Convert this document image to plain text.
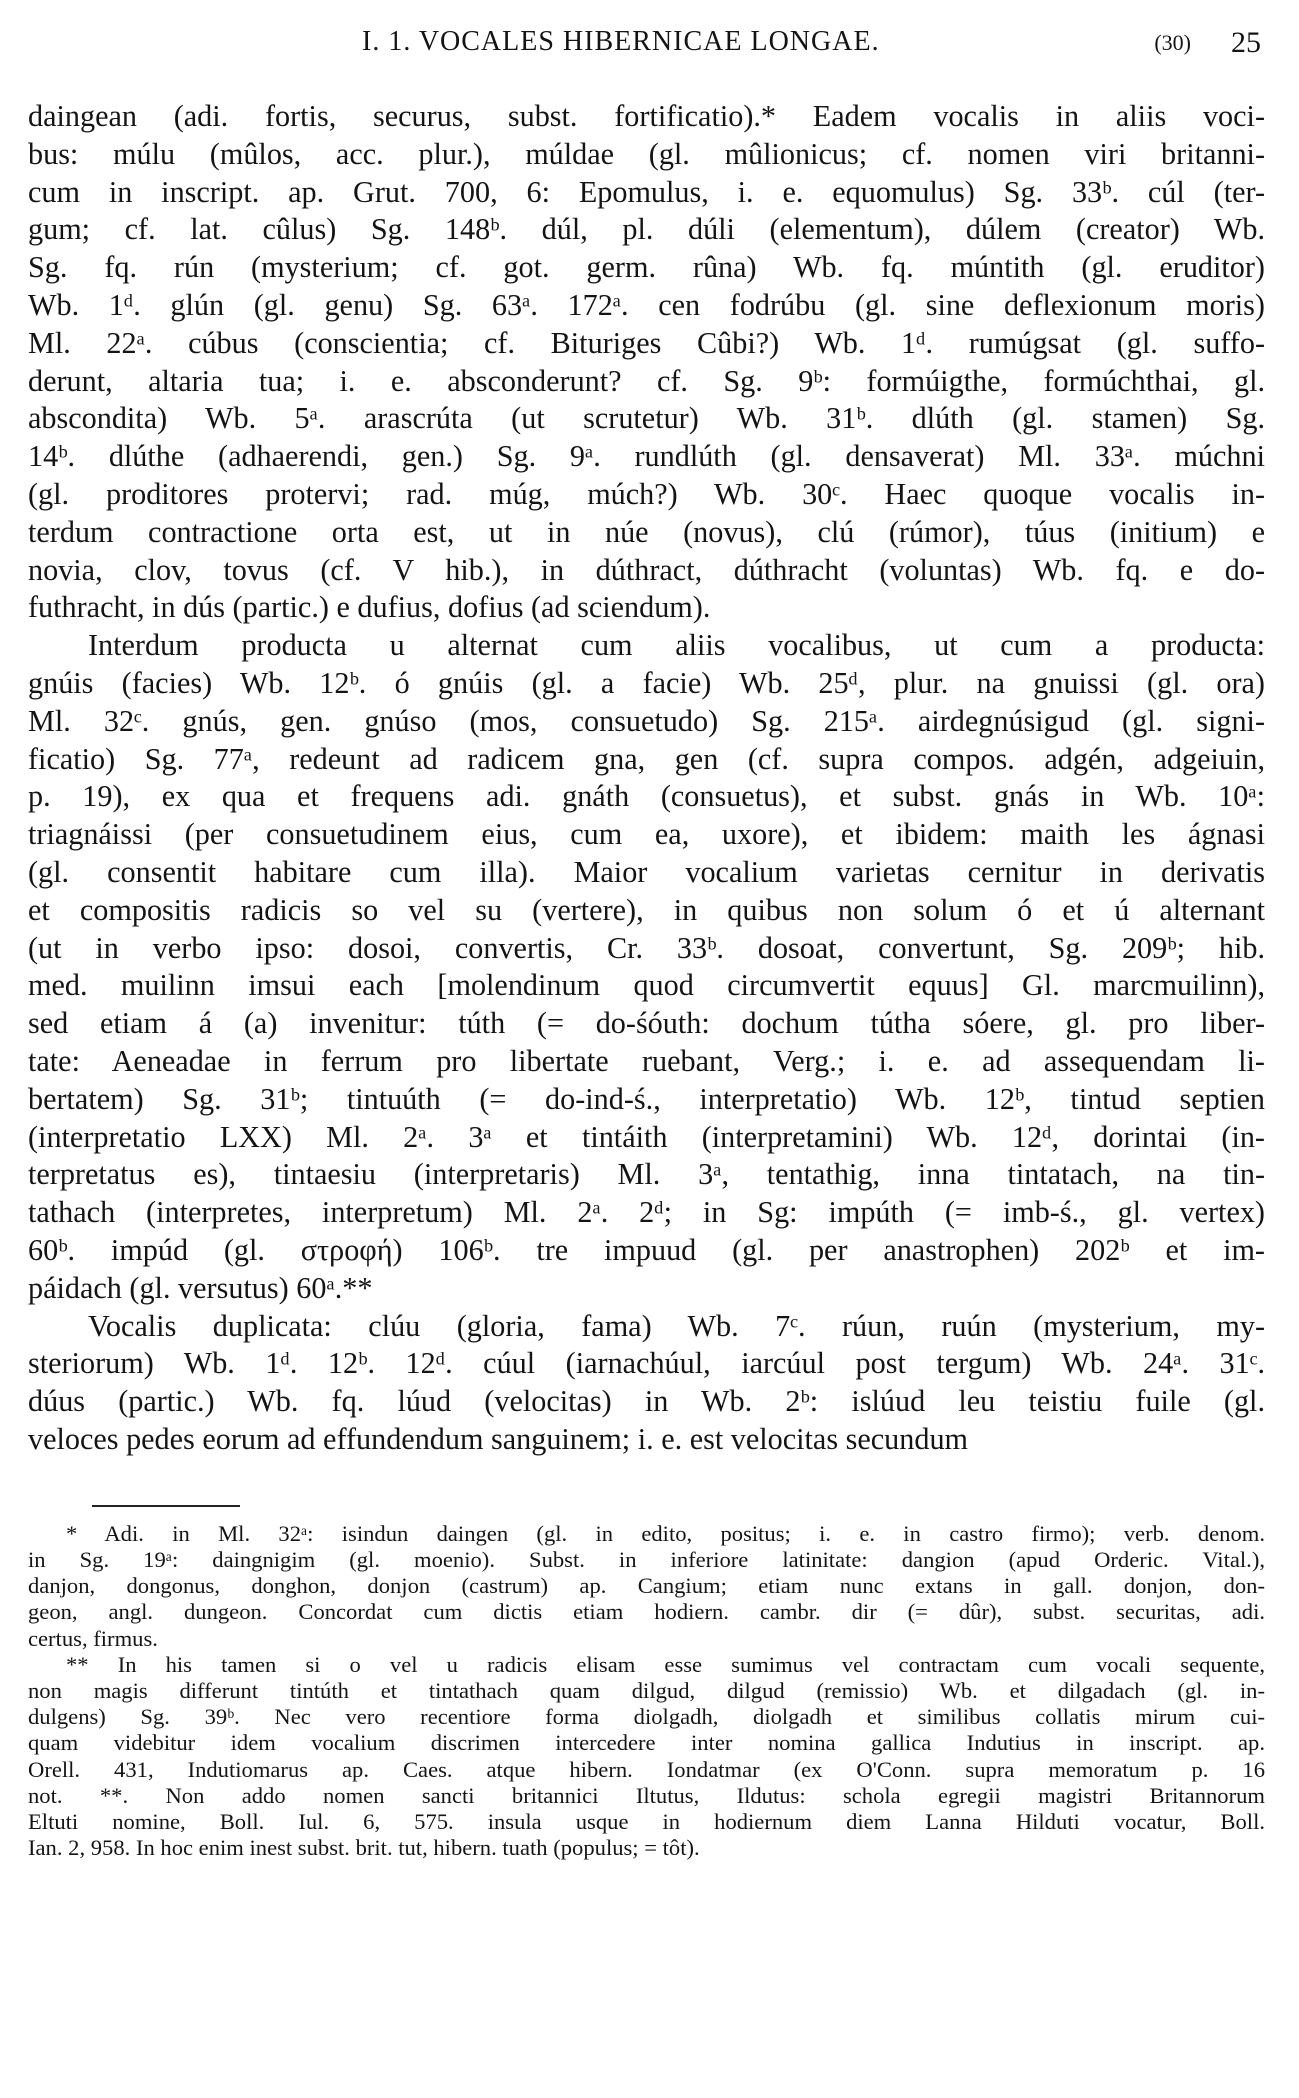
I. 1. VOCALES HIBERNICAE LONGAE.	(30) 25
daingean (adi. fortis, securus, subst. fortificatio).* Eadem vocalis in aliis voci-
bus: múlu (mûlos, acc. plur.), múldae (gl. mûlionicus; cf. nomen viri britanni-
cum in inscript. ap. Grut. 700, 6: Epomulus, i. e. equomulus) Sg. 33ᵇ. cúl (ter-
gum; cf. lat. cûlus) Sg. 148ᵇ. dúl, pl. dúli (elementum), dúlem (creator) Wb.
Sg. fq. rún (mysterium; cf. got. germ. rûna) Wb. fq. múntith (gl. eruditor)
Wb. 1ᵈ. glún (gl. genu) Sg. 63ᵃ. 172ᵃ. cen fodrúbu (gl. sine deflexionum moris)
Ml. 22ᵃ. cúbus (conscientia; cf. Bituriges Cûbi?) Wb. 1ᵈ. rumúgsat (gl. suffo-
derunt, altaria tua; i. e. absconderunt? cf. Sg. 9ᵇ: formúigthe, formúchthai, gl.
abscondita) Wb. 5ᵃ. arascrúta (ut scrutetur) Wb. 31ᵇ. dlúth (gl. stamen) Sg.
14ᵇ. dlúthe (adhaerendi, gen.) Sg. 9ᵃ. rundlúth (gl. densaverat) Ml. 33ᵃ. múchni
(gl. proditores protervi; rad. múg, múch?) Wb. 30ᶜ. Haec quoque vocalis in-
terdum contractione orta est, ut in núe (novus), clú (rúmor), túus (initium) e
novia, clov, tovus (cf. V hib.), in dúthract, dúthracht (voluntas) Wb. fq. e do-
futhracht, in dús (partic.) e dufius, dofius (ad sciendum).
Interdum producta u alternat cum aliis vocalibus, ut cum a producta:
gnúis (facies) Wb. 12ᵇ. ó gnúis (gl. a facie) Wb. 25ᵈ, plur. na gnuissi (gl. ora)
Ml. 32ᶜ. gnús, gen. gnúso (mos, consuetudo) Sg. 215ᵃ. airdegnúsigud (gl. signi-
ficatio) Sg. 77ᵃ, redeunt ad radicem gna, gen (cf. supra compos. adgén, adgeiuin,
p. 19), ex qua et frequens adi. gnáth (consuetus), et subst. gnás in Wb. 10ᵃ:
triagnáissi (per consuetudinem eius, cum ea, uxore), et ibidem: maith les ágnasi
(gl. consentit habitare cum illa). Maior vocalium varietas cernitur in derivatis
et compositis radicis so vel su (vertere), in quibus non solum ó et ú alternant
(ut in verbo ipso: dosoi, convertis, Cr. 33ᵇ. dosoat, convertunt, Sg. 209ᵇ; hib.
med. muilinn imsui each [molendinum quod circumvertit equus] Gl. marcmuilinn),
sed etiam á (a) invenitur: túth (= do-śóuth: dochum tútha sóere, gl. pro liber-
tate: Aeneadae in ferrum pro libertate ruebant, Verg.; i. e. ad assequendam li-
bertatem) Sg. 31ᵇ; tintuúth (= do-ind-ś., interpretatio) Wb. 12ᵇ, tintud septien
(interpretatio LXX) Ml. 2ᵃ. 3ᵃ et tintáith (interpretamini) Wb. 12ᵈ, dorintai (in-
terpretatus es), tintaesiu (interpretaris) Ml. 3ᵃ, tentathig, inna tintatach, na tin-
tathach (interpretes, interpretum) Ml. 2ᵃ. 2ᵈ; in Sg: impúth (= imb-ś., gl. vertex)
60ᵇ. impúd (gl. στροφή) 106ᵇ. tre impuud (gl. per anastrophen) 202ᵇ et im-
páidach (gl. versutus) 60ᵃ.**
Vocalis duplicata: clúu (gloria, fama) Wb. 7ᶜ. rúun, ruún (mysterium, my-
steriorum) Wb. 1ᵈ. 12ᵇ. 12ᵈ. cúul (iarnachúul, iarcúul post tergum) Wb. 24ᵃ. 31ᶜ.
dúus (partic.) Wb. fq. lúud (velocitas) in Wb. 2ᵇ: islúud leu teistiu fuile (gl.
veloces pedes eorum ad effundendum sanguinem; i. e. est velocitas secundum
* Adi. in Ml. 32ᵃ: isindun daingen (gl. in edito, positus; i. e. in castro firmo); verb. denom.
in Sg. 19ᵃ: daingnigim (gl. moenio). Subst. in inferiore latinitate: dangion (apud Orderic. Vital.),
danjon, dongonus, donghon, donjon (castrum) ap. Cangium; etiam nunc extans in gall. donjon, don-
geon, angl. dungeon. Concordat cum dictis etiam hodiern. cambr. dir (= dûr), subst. securitas, adi.
certus, firmus.
** In his tamen si o vel u radicis elisam esse sumimus vel contractam cum vocali sequente,
non magis differunt tintúth et tintathach quam dilgud, dilgud (remissio) Wb. et dilgadach (gl. in-
dulgens) Sg. 39ᵇ. Nec vero recentiore forma diolgadh, diolgadh et similibus collatis mirum cui-
quam videbitur idem vocalium discrimen intercedere inter nomina gallica Indutius in inscript. ap.
Orell. 431, Indutiomarus ap. Caes. atque hibern. Iondatmar (ex O'Conn. supra memoratum p. 16
not. **. Non addo nomen sancti britannici Iltutus, Ildutus: schola egregii magistri Britannorum
Eltuti nomine, Boll. Iul. 6, 575. insula usque in hodiernum diem Lanna Hilduti vocatur, Boll.
Ian. 2, 958. In hoc enim inest subst. brit. tut, hibern. tuath (populus; = tôt).
